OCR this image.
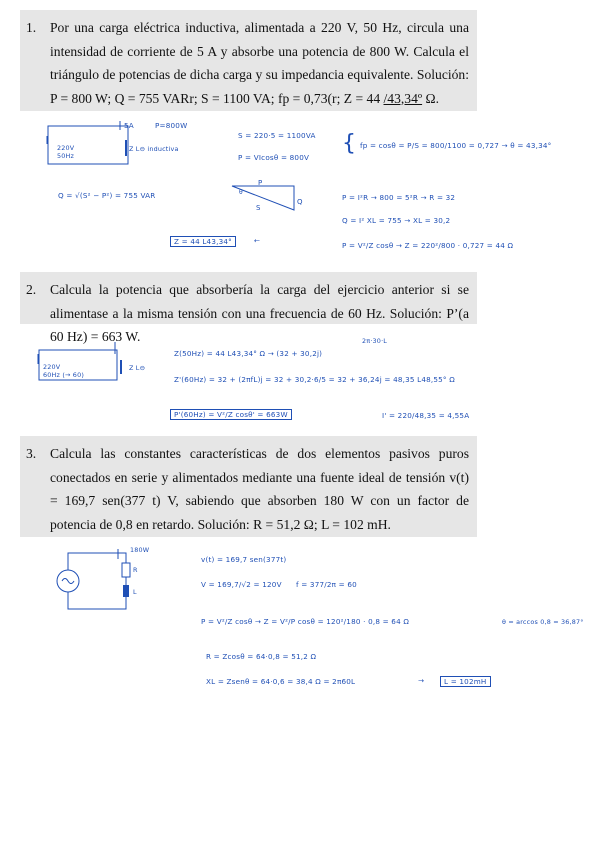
1. Por una carga eléctrica inductiva, alimentada a 220 V, 50 Hz, circula una intensidad de corriente de 5 A y absorbe una potencia de 800 W. Calcula el triángulo de potencias de dicha carga y su impedancia equivalente. Solución: P = 800 W; Q = 755 VARr; S = 1100 VA; fp = 0,73(r; Z = 44 /43,34º Ω.
5A	P=800W
220V
50Hz
Z L⊖ inductiva
S = 220·5 = 1100VA
P = VIcosθ = 800V
{ fp = cosθ = P/S = 800/1100 = 0,727 → θ = 43,34°
Q = √(S² − P²) = 755 VAR
P
Q
S
θ
P = I²R → 800 = 5²R → R = 32
Q = I² XL = 755 → XL = 30,2
Z = 44 L43,34°	←
P = V²/Z cosθ → Z = 220²/800 · 0,727 = 44 Ω
2. Calcula la potencia que absorbería la carga del ejercicio anterior si se alimentase a la misma tensión con una frecuencia de 60 Hz. Solución: P’(a 60 Hz) = 663 W.
220V
60Hz (→ 60)
Z L⊖
2π·30·L
Z(50Hz) = 44 L43,34° Ω → (32 + 30,2j)
Z'(60Hz) = 32 + (2πfL)j = 32 + 30,2·6/5 = 32 + 36,24j = 48,35 L48,55° Ω
P'(60Hz) = V²/Z cosθ' = 663W	I' = 220/48,35 = 4,55A
3. Calcula las constantes características de dos elementos pasivos puros conectados en serie y alimentados mediante una fuente ideal de tensión v(t) = 169,7 sen(377 t) V, sabiendo que absorben 180 W con un factor de potencia de 0,8 en retardo. Solución: R = 51,2 Ω; L = 102 mH.
180W
R
L
v(t) = 169,7 sen(377t)
V = 169,7/√2 = 120V f = 377/2π = 60
P = V²/Z cosθ → Z = V²/P cosθ = 120²/180 · 0,8 = 64 Ω	θ = arccos 0,8 = 36,87°
R = Zcosθ = 64·0,8 = 51,2 Ω
XL = Zsenθ = 64·0,6 = 38,4 Ω = 2π60L	→	L = 102mH
